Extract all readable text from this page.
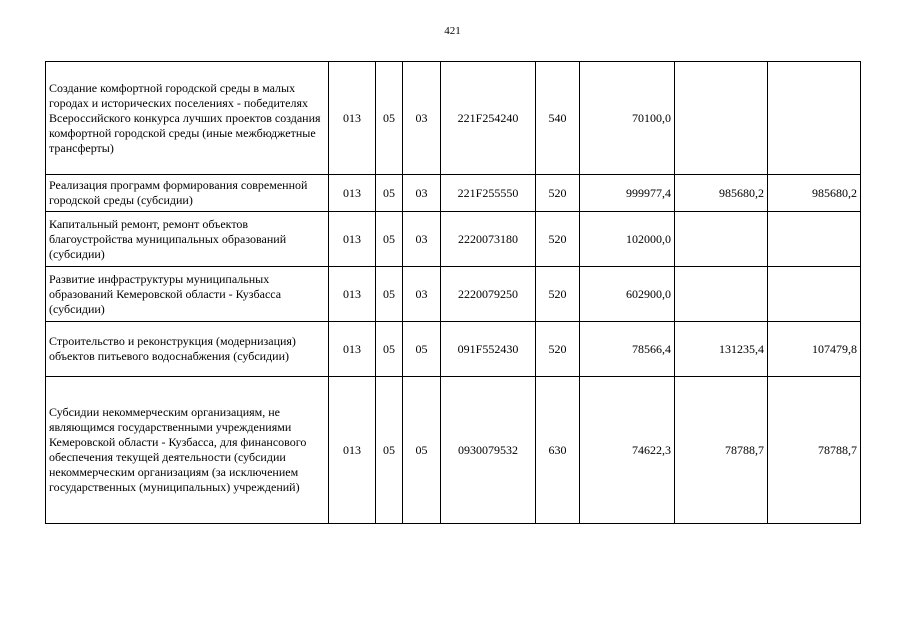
421
Создание комфортной городской среды в малых городах и исторических поселениях - победителях Всероссийского конкурса лучших проектов создания комфортной городской среды (иные межбюджетные трансферты)	013	05	03	221F254240	540	70100,0		
Реализация программ формирования современной городской среды (субсидии)	013	05	03	221F255550	520	999977,4	985680,2	985680,2
Капитальный ремонт, ремонт объектов благоустройства муниципальных образований (субсидии)	013	05	03	2220073180	520	102000,0		
Развитие инфраструктуры муниципальных образований Кемеровской области - Кузбасса (субсидии)	013	05	03	2220079250	520	602900,0		
Строительство и реконструкция (модернизация) объектов питьевого водоснабжения (субсидии)	013	05	05	091F552430	520	78566,4	131235,4	107479,8
Субсидии некоммерческим организациям, не являющимся государственными учреждениями Кемеровской области - Кузбасса, для финансового обеспечения текущей деятельности (субсидии некоммерческим организациям (за исключением государственных (муниципальных) учреждений)	013	05	05	0930079532	630	74622,3	78788,7	78788,7
